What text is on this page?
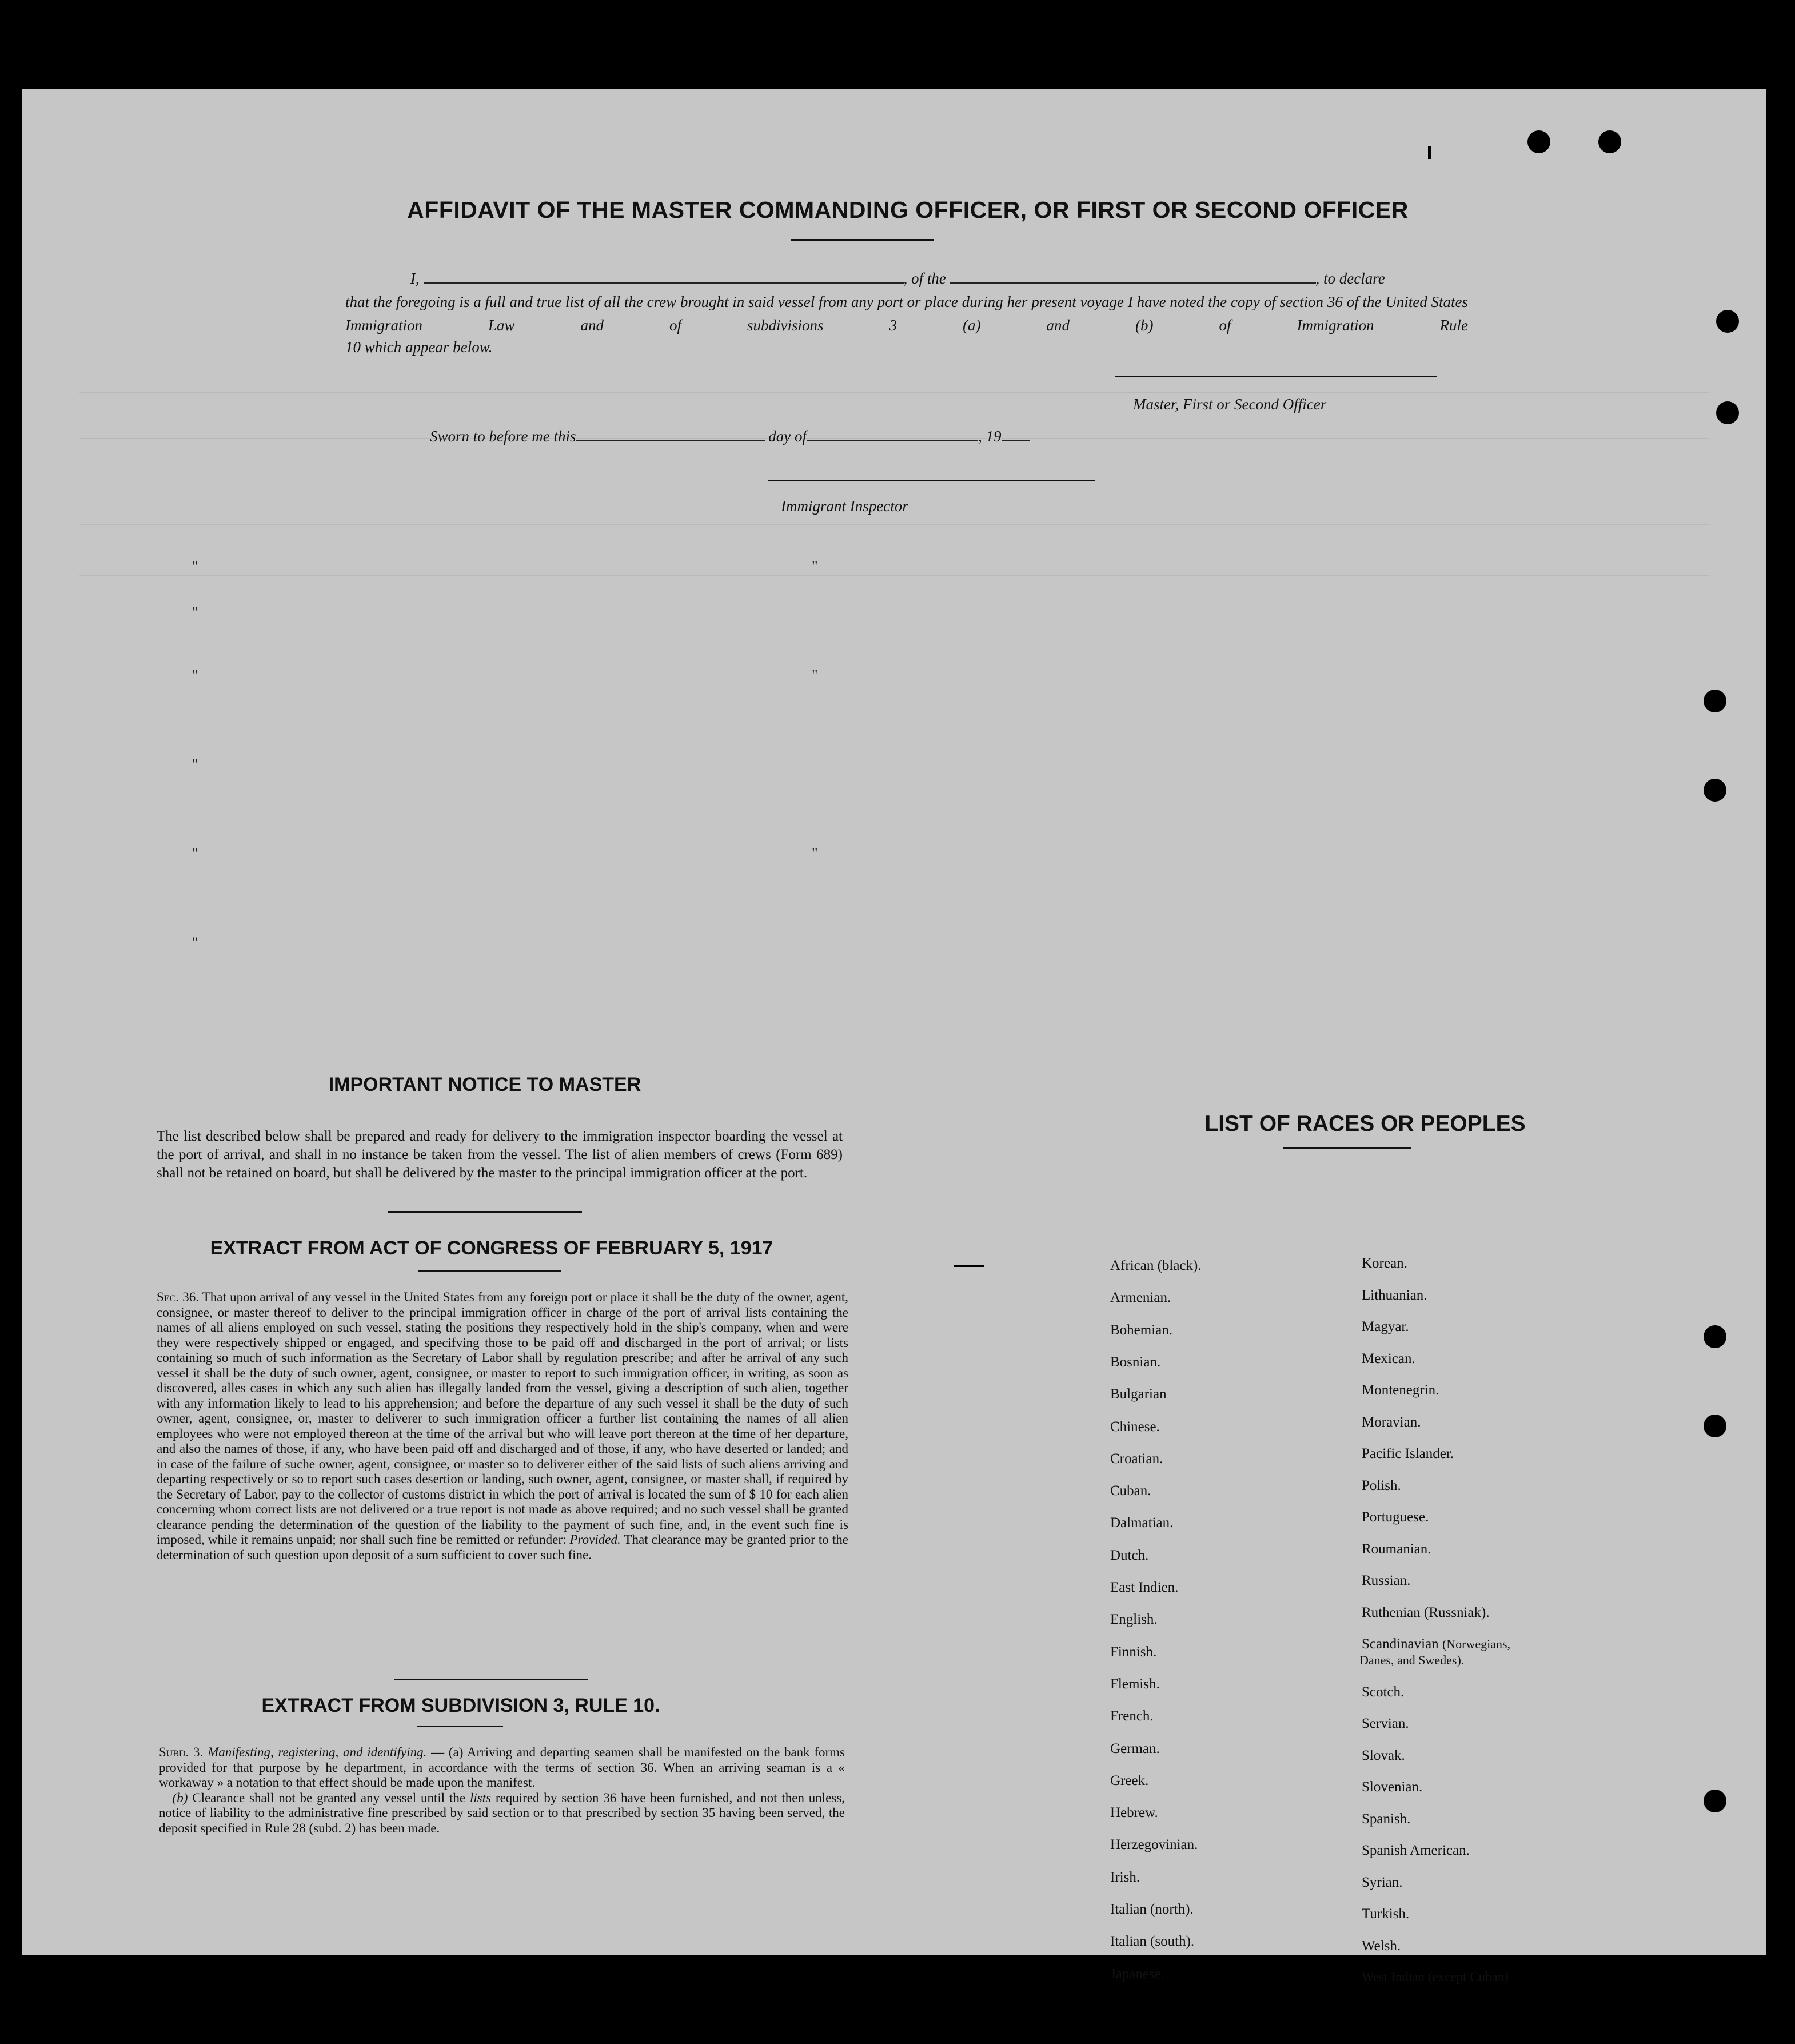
AFFIDAVIT OF THE MASTER COMMANDING OFFICER, OR FIRST OR SECOND OFFICER
I,	, of the	, to declare
that the foregoing is a full and true list of all the crew brought in said vessel from any port or place during her present voyage I have noted the copy of section 36 of the United States Immigration Law and of subdivisions 3 (a) and (b) of Immigration Rule
10 which appear below.
Master, First or Second Officer
Sworn to before me this	day of	, 19
Immigrant Inspector
"
"
"
"
"
"
"
"
"
IMPORTANT NOTICE TO MASTER
The list described below shall be prepared and ready for delivery to the immigration inspector boarding the vessel at the port of arrival, and shall in no instance be taken from the vessel. The list of alien members of crews (Form 689) shall not be retained on board, but shall be delivered by the master to the principal immigration officer at the port.
EXTRACT FROM ACT OF CONGRESS OF FEBRUARY 5, 1917
Sec. 36. That upon arrival of any vessel in the United States from any foreign port or place it shall be the duty of the owner, agent, consignee, or master thereof to deliver to the principal immigration officer in charge of the port of arrival lists containing the names of all aliens employed on such vessel, stating the positions they respectively hold in the ship's company, when and were they were respectively shipped or engaged, and specifving those to be paid off and discharged in the port of arrival; or lists containing so much of such information as the Secretary of Labor shall by regulation prescribe; and after he arrival of any such vessel it shall be the duty of such owner, agent, consignee, or master to report to such immigration officer, in writing, as soon as discovered, alles cases in which any such alien has illegally landed from the vessel, giving a description of such alien, together with any information likely to lead to his apprehension; and before the departure of any such vessel it shall be the duty of such owner, agent, consignee, or, master to deliverer to such immigration officer a further list containing the names of all alien employees who were not employed thereon at the time of the arrival but who will leave port thereon at the time of her departure, and also the names of those, if any, who have been paid off and discharged and of those, if any, who have deserted or landed; and in case of the failure of suche owner, agent, consignee, or master so to deliverer either of the said lists of such aliens arriving and departing respectively or so to report such cases desertion or landing, such owner, agent, consignee, or master shall, if required by the Secretary of Labor, pay to the collector of customs district in which the port of arrival is located the sum of $ 10 for each alien concerning whom correct lists are not delivered or a true report is not made as above required; and no such vessel shall be granted clearance pending the determination of the question of the liability to the payment of such fine, and, in the event such fine is imposed, while it remains unpaid; nor shall such fine be remitted or refunder: Provided. That clearance may be granted prior to the determination of such question upon deposit of a sum sufficient to cover such fine.
EXTRACT FROM SUBDIVISION 3, RULE 10.
Subd. 3. Manifesting, registering, and identifying. — (a) Arriving and departing seamen shall be manifested on the bank forms provided for that purpose by he department, in accordance with the terms of section 36. When an arriving seaman is a « workaway » a notation to that effect should be made upon the manifest.
(b) Clearance shall not be granted any vessel until the lists required by section 36 have been furnished, and not then unless, notice of liability to the administrative fine prescribed by said section or to that prescribed by section 35 having been served, the deposit specified in Rule 28 (subd. 2) has been made.
LIST OF RACES OR PEOPLES
African (black).
Armenian.
Bohemian.
Bosnian.
Bulgarian
Chinese.
Croatian.
Cuban.
Dalmatian.
Dutch.
East Indien.
English.
Finnish.
Flemish.
French.
German.
Greek.
Hebrew.
Herzegovinian.
Irish.
Italian (north).
Italian (south).
Japanese.
Korean.
Lithuanian.
Magyar.
Mexican.
Montenegrin.
Moravian.
Pacific Islander.
Polish.
Portuguese.
Roumanian.
Russian.
Ruthenian (Russniak).
Scandinavian (Norwegians,
Danes, and Swedes).
Scotch.
Servian.
Slovak.
Slovenian.
Spanish.
Spanish American.
Syrian.
Turkish.
Welsh.
West Indian (except Cuban)
